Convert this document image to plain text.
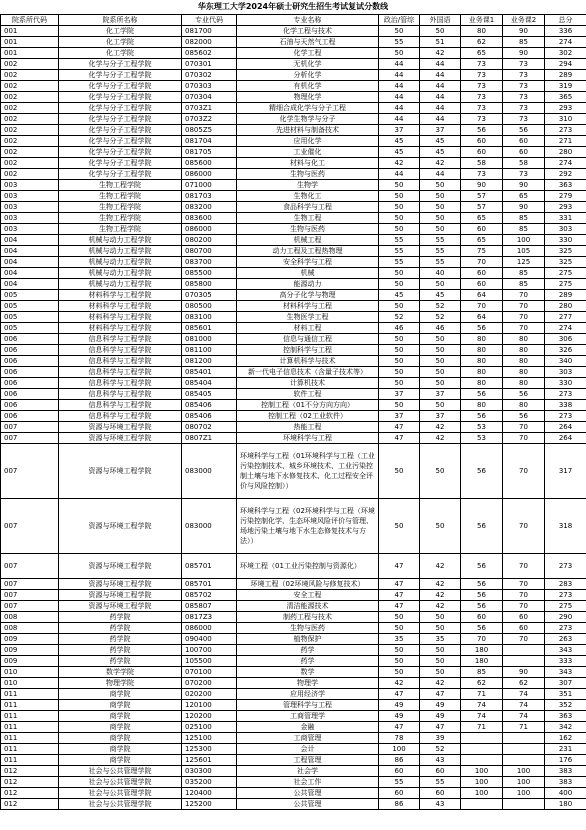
华东理工大学2024年硕士研究生招生考试复试分数线
院系所代码	院系所名称	专业代码	专业名称	政治/管综	外国语	业务课1	业务课2	总分
001	化工学院	081700	化学工程与技术	50	50	80	90	336
001	化工学院	082000	石油与天然气工程	55	51	62	85	274
001	化工学院	085602	化学工程	50	42	65	90	302
002	化学与分子工程学院	070301	无机化学	44	44	73	73	294
002	化学与分子工程学院	070302	分析化学	44	44	73	73	289
002	化学与分子工程学院	070303	有机化学	44	44	73	73	319
002	化学与分子工程学院	070304	物理化学	44	44	73	73	365
002	化学与分子工程学院	0703Z1	精细合成化学与分子工程	44	44	73	73	293
002	化学与分子工程学院	0703Z2	化学生物学与分子	44	44	73	73	310
002	化学与分子工程学院	0805Z5	先进材料与制备技术	37	37	56	56	273
002	化学与分子工程学院	081704	应用化学	45	45	60	60	271
002	化学与分子工程学院	081705	工业催化	45	45	60	60	280
002	化学与分子工程学院	085600	材料与化工	42	42	58	58	274
002	化学与分子工程学院	086000	生物与医药	44	44	73	73	292
003	生物工程学院	071000	生物学	50	50	90	90	363
003	生物工程学院	081703	生物化工	50	50	57	65	279
003	生物工程学院	083200	食品科学与工程	50	50	57	90	293
003	生物工程学院	083600	生物工程	50	50	65	85	331
003	生物工程学院	086000	生物与医药	50	50	60	85	303
004	机械与动力工程学院	080200	机械工程	55	55	65	100	330
004	机械与动力工程学院	080700	动力工程及工程热物理	55	55	75	105	325
004	机械与动力工程学院	083700	安全科学与工程	55	55	70	125	325
004	机械与动力工程学院	085500	机械	50	40	60	85	275
004	机械与动力工程学院	085800	能源动力	50	50	60	85	275
005	材料科学与工程学院	070305	高分子化学与物理	45	45	64	70	289
005	材料科学与工程学院	080500	材料科学与工程	50	52	70	70	280
005	材料科学与工程学院	083100	生物医学工程	52	52	64	70	277
005	材料科学与工程学院	085601	材料工程	46	46	56	70	274
006	信息科学与工程学院	081000	信息与通信工程	50	50	80	80	306
006	信息科学与工程学院	081100	控制科学与工程	50	50	80	80	326
006	信息科学与工程学院	081200	计算机科学与技术	50	50	80	80	340
006	信息科学与工程学院	085401	新一代电子信息技术（含量子技术等）	50	50	80	80	303
006	信息科学与工程学院	085404	计算机技术	50	50	80	80	330
006	信息科学与工程学院	085405	软件工程	37	37	56	56	273
006	信息科学与工程学院	085406	控制工程（01不分方向方向）	50	50	80	80	338
006	信息科学与工程学院	085406	控制工程（02工业软件）	37	37	56	56	273
007	资源与环境工程学院	080702	热能工程	47	42	53	70	264
007	资源与环境工程学院	0807Z1	环境科学与工程	47	42	53	70	264
007	资源与环境工程学院	083000	环境科学与工程（01环境科学与工程（工业污染控制技术、城乡环境技术、工业污染控制土壤与地下水修复技术、化工过程安全评价与风险控制））	50	50	56	70	317
007	资源与环境工程学院	083000	环境科学与工程（02环境科学与工程（环境污染控制化学、生态环境风险评价与管理、场地污染土壤与地下水生态修复技术与方法））	50	50	56	70	318
007	资源与环境工程学院	085701	环境工程（01工业污染控制与资源化）	47	42	56	70	273
007	资源与环境工程学院	085701	环境工程（02环境风险与修复技术）	47	42	56	70	283
007	资源与环境工程学院	085702	安全工程	47	42	56	70	273
007	资源与环境工程学院	085807	清洁能源技术	47	42	56	70	275
008	药学院	0817Z3	制药工程与技术	50	50	60	60	290
008	药学院	086000	生物与医药	50	50	56	60	273
009	药学院	090400	植物保护	35	35	70	70	263
009	药学院	100700	药学	50	50	180		343
009	药学院	105500	药学	50	50	180		333
010	数学学院	070100	数学	50	50	85	90	343
010	物理学院	070200	物理学	42	42	62	62	307
011	商学院	020200	应用经济学	47	47	71	74	351
011	商学院	120100	管理科学与工程	49	49	74	74	352
011	商学院	120200	工商管理学	49	49	74	74	363
011	商学院	025100	金融	47	47	71	71	342
011	商学院	125100	工商管理	78	39			162
011	商学院	125300	会计	100	52			231
011	商学院	125601	工程管理	86	43			176
012	社会与公共管理学院	030300	社会学	60	60	100	100	383
012	社会与公共管理学院	035200	社会工作	55	55	100	100	383
012	社会与公共管理学院	120400	公共管理	60	60	100	100	400
012	社会与公共管理学院	125200	公共管理	86	43			180
